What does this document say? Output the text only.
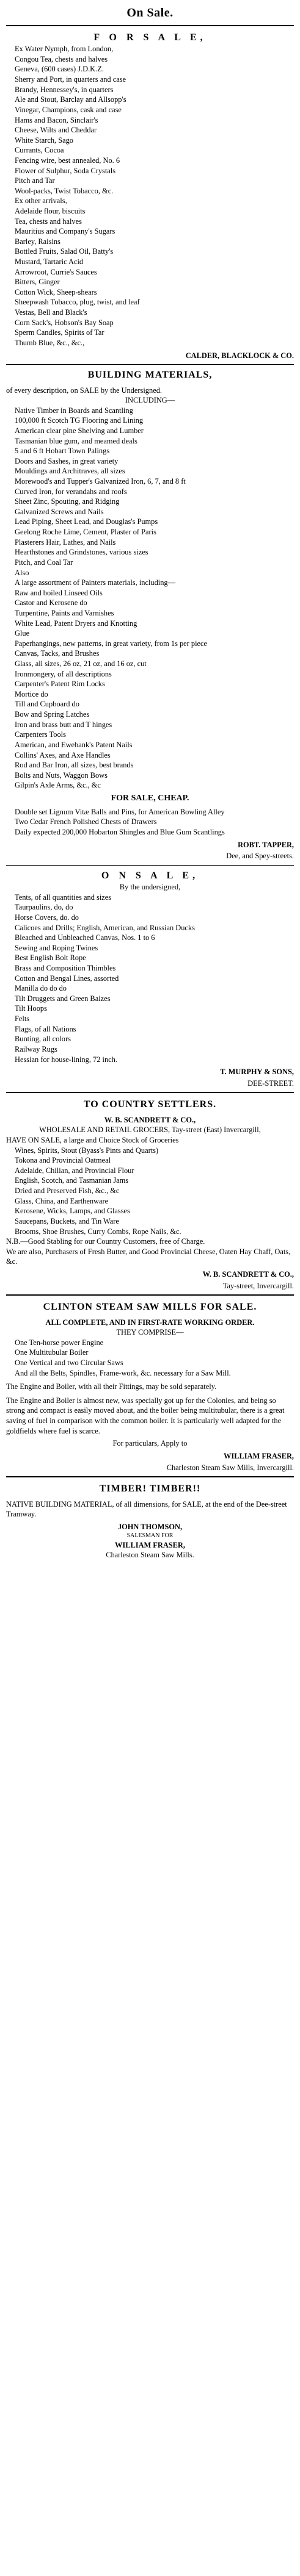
On Sale.
F O R S A L E,
Ex Water Nymph, from London,
Congou Tea, chests and halves
Geneva, (600 cases) J.D.K.Z.
Sherry and Port, in quarters and case
Brandy, Hennessey's, in quarters
Ale and Stout, Barclay and Allsopp's
Vinegar, Champions, cask and case
Hams and Bacon, Sinclair's
Cheese, Wilts and Cheddar
White Starch, Sago
Currants, Cocoa
Fencing wire, best annealed, No. 6
Flower of Sulphur, Soda Crystals
Pitch and Tar
Wool-packs, Twist Tobacco, &c.
Ex other arrivals,
Adelaide flour, biscuits
Tea, chests and halves
Mauritius and Company's Sugars
Barley, Raisins
Bottled Fruits, Salad Oil, Batty's
Mustard, Tartaric Acid
Arrowroot, Currie's Sauces
Bitters, Ginger
Cotton Wick, Sheep-shears
Sheepwash Tobacco, plug, twist, and leaf
Vestas, Bell and Black's
Corn Sack's, Hobson's Bay Soap
Sperm Candles, Spirits of Tar
Thumb Blue, &c., &c.,
CALDER, BLACKLOCK & CO.
BUILDING MATERIALS,
of every description, on SALE by the Undersigned.
INCLUDING—
Native Timber in Boards and Scantling
100,000 ft Scotch TG Flooring and Lining
American clear pine Shelving and Lumber
Tasmanian blue gum, and meamed deals
5 and 6 ft Hobart Town Palings
Doors and Sashes, in great variety
Mouldings and Architraves, all sizes
Morewood's and Tupper's Galvanized Iron, 6, 7, and 8 ft
Curved Iron, for verandahs and roofs
Sheet Zinc, Spouting, and Ridging
Galvanized Screws and Nails
Lead Piping, Sheet Lead, and Douglas's Pumps
Geelong Roche Lime, Cement, Plaster of Paris
Plasterers Hair, Lathes, and Nails
Hearthstones and Grindstones, various sizes
Pitch, and Coal Tar
Also
A large assortment of Painters materials, including—
Raw and boiled Linseed Oils
Castor and Kerosene do
Turpentine, Paints and Varnishes
White Lead, Patent Dryers and Knotting
Glue
Paperhangings, new patterns, in great variety, from 1s per piece
Canvas, Tacks, and Brushes
Glass, all sizes, 26 oz, 21 oz, and 16 oz, cut
Ironmongery, of all descriptions
Carpenter's Patent Rim Locks
Mortice do
Till and Cupboard do
Bow and Spring Latches
Iron and brass butt and T hinges
Carpenters Tools
American, and Ewebank's Patent Nails
Collins' Axes, and Axe Handles
Rod and Bar Iron, all sizes, best brands
Bolts and Nuts, Waggon Bows
Gilpin's Axle Arms, &c., &c
FOR SALE, CHEAP.
Double set Lignum Vitæ Balls and Pins, for American Bowling Alley
Two Cedar French Polished Chests of Drawers
Daily expected 200,000 Hobarton Shingles and Blue Gum Scantlings
ROBT. TAPPER,
Dee, and Spey-streets.
O N S A L E,
By the undersigned,
Tents, of all quantities and sizes
Taurpaulins, do, do
Horse Covers, do. do
Calicoes and Drills; English, American, and Russian Ducks
Bleached and Unbleached Canvas, Nos. 1 to 6
Sewing and Roping Twines
Best English Bolt Rope
Brass and Composition Thimbles
Cotton and Bengal Lines, assorted
Manilla do do do
Tilt Druggets and Green Baizes
Tilt Hoops
Felts
Flags, of all Nations
Bunting, all colors
Railway Rugs
Hessian for house-lining, 72 inch.
T. MURPHY & SONS,
DEE-STREET.
TO COUNTRY SETTLERS.
W. B. SCANDRETT & CO.,
WHOLESALE AND RETAIL GROCERS, Tay-street (East) Invercargill,
HAVE ON SALE, a large and Choice Stock of Groceries
Wines, Spirits, Stout (Byass's Pints and Quarts)
Tokona and Provincial Oatmeal
Adelaide, Chilian, and Provincial Flour
English, Scotch, and Tasmanian Jams
Dried and Preserved Fish, &c., &c
Glass, China, and Earthenware
Kerosene, Wicks, Lamps, and Glasses
Saucepans, Buckets, and Tin Ware
Brooms, Shoe Brushes, Curry Combs, Rope Nails, &c.
N.B.—Good Stabling for our Country Customers, free of Charge.
We are also, Purchasers of Fresh Butter, and Good Provincial Cheese, Oaten Hay Chaff, Oats, &c.
W. B. SCANDRETT & CO.,
Tay-street, Invercargill.
CLINTON STEAM SAW MILLS FOR SALE.
ALL COMPLETE, AND IN FIRST-RATE WORKING ORDER.
THEY COMPRISE—
One Ten-horse power Engine
One Multitubular Boiler
One Vertical and two Circular Saws
And all the Belts, Spindles, Frame-work, &c. necessary for a Saw Mill.
The Engine and Boiler, with all their Fittings, may be sold separately.
The Engine and Boiler is almost new, was specially got up for the Colonies, and being so strong and compact is easily moved about, and the boiler being multitubular, there is a great saving of fuel in comparison with the common boiler. It is particularly well adapted for the goldfields where fuel is scarce.
For particulars, Apply to
WILLIAM FRASER,
Charleston Steam Saw Mills, Invercargill.
TIMBER! TIMBER!!
NATIVE BUILDING MATERIAL, of all dimensions, for SALE, at the end of the Dee-street Tramway.
JOHN THOMSON,
SALESMAN FOR
WILLIAM FRASER,
Charleston Steam Saw Mills.
